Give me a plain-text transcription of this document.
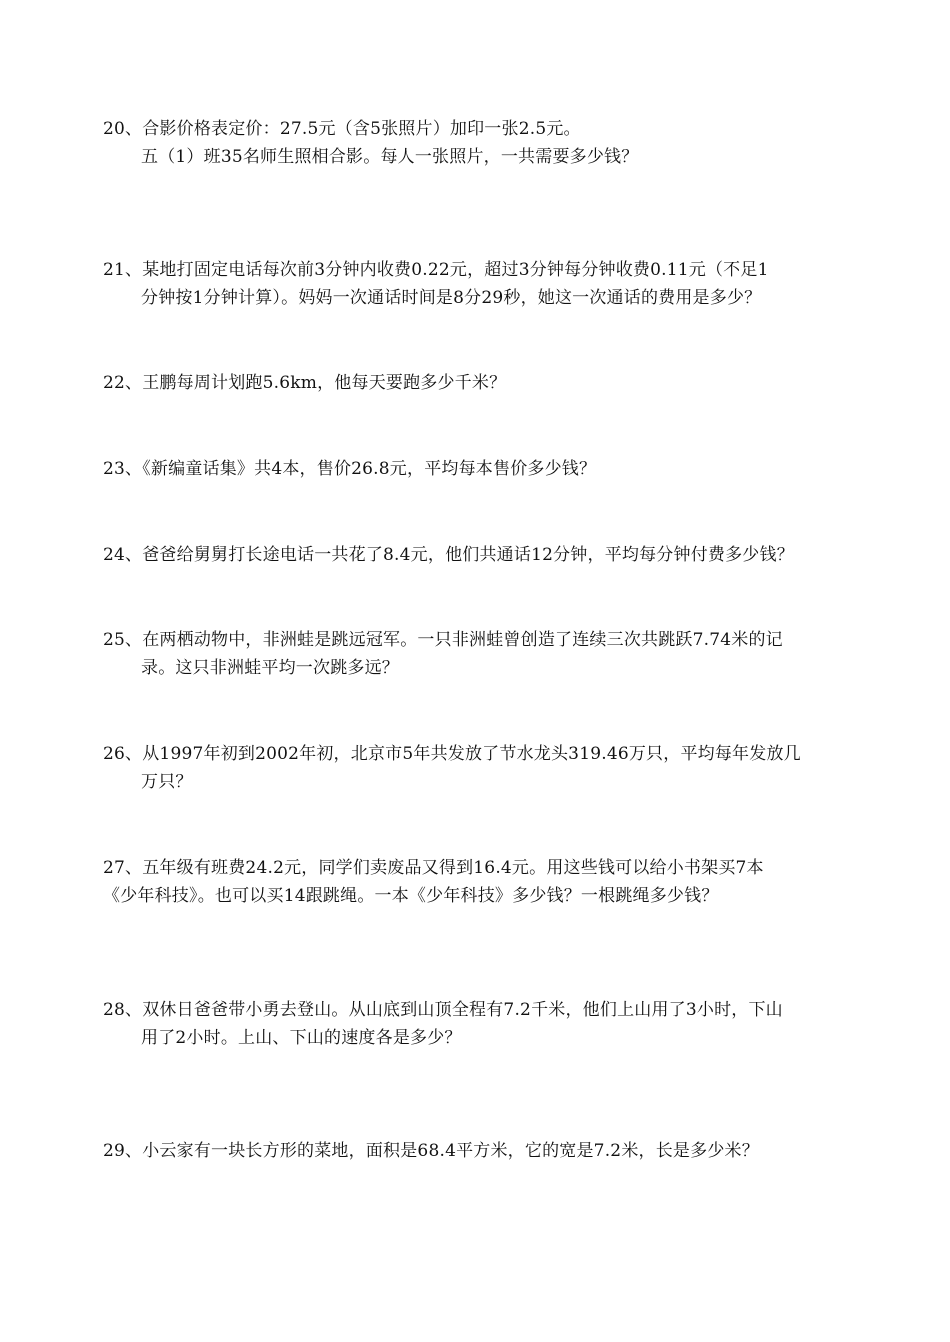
20、合影价格表定价：27.5元（含5张照片）加印一张2.5元。
五（1）班35名师生照相合影。每人一张照片，一共需要多少钱？
21、某地打固定电话每次前3分钟内收费0.22元，超过3分钟每分钟收费0.11元（不足1
分钟按1分钟计算）。妈妈一次通话时间是8分29秒，她这一次通话的费用是多少？
22、王鹏每周计划跑5.6km，他每天要跑多少千米？
23、《新编童话集》共4本，售价26.8元，平均每本售价多少钱？
24、爸爸给舅舅打长途电话一共花了8.4元，他们共通话12分钟，平均每分钟付费多少钱？
25、在两栖动物中，非洲蛙是跳远冠军。一只非洲蛙曾创造了连续三次共跳跃7.74米的记
录。这只非洲蛙平均一次跳多远？
26、从1997年初到2002年初，北京市5年共发放了节水龙头319.46万只，平均每年发放几
万只？
27、五年级有班费24.2元，同学们卖废品又得到16.4元。用这些钱可以给小书架买7本
《少年科技》。也可以买14跟跳绳。一本《少年科技》多少钱？一根跳绳多少钱？
28、双休日爸爸带小勇去登山。从山底到山顶全程有7.2千米，他们上山用了3小时，下山
用了2小时。上山、下山的速度各是多少？
29、小云家有一块长方形的菜地，面积是68.4平方米，它的宽是7.2米，长是多少米？
